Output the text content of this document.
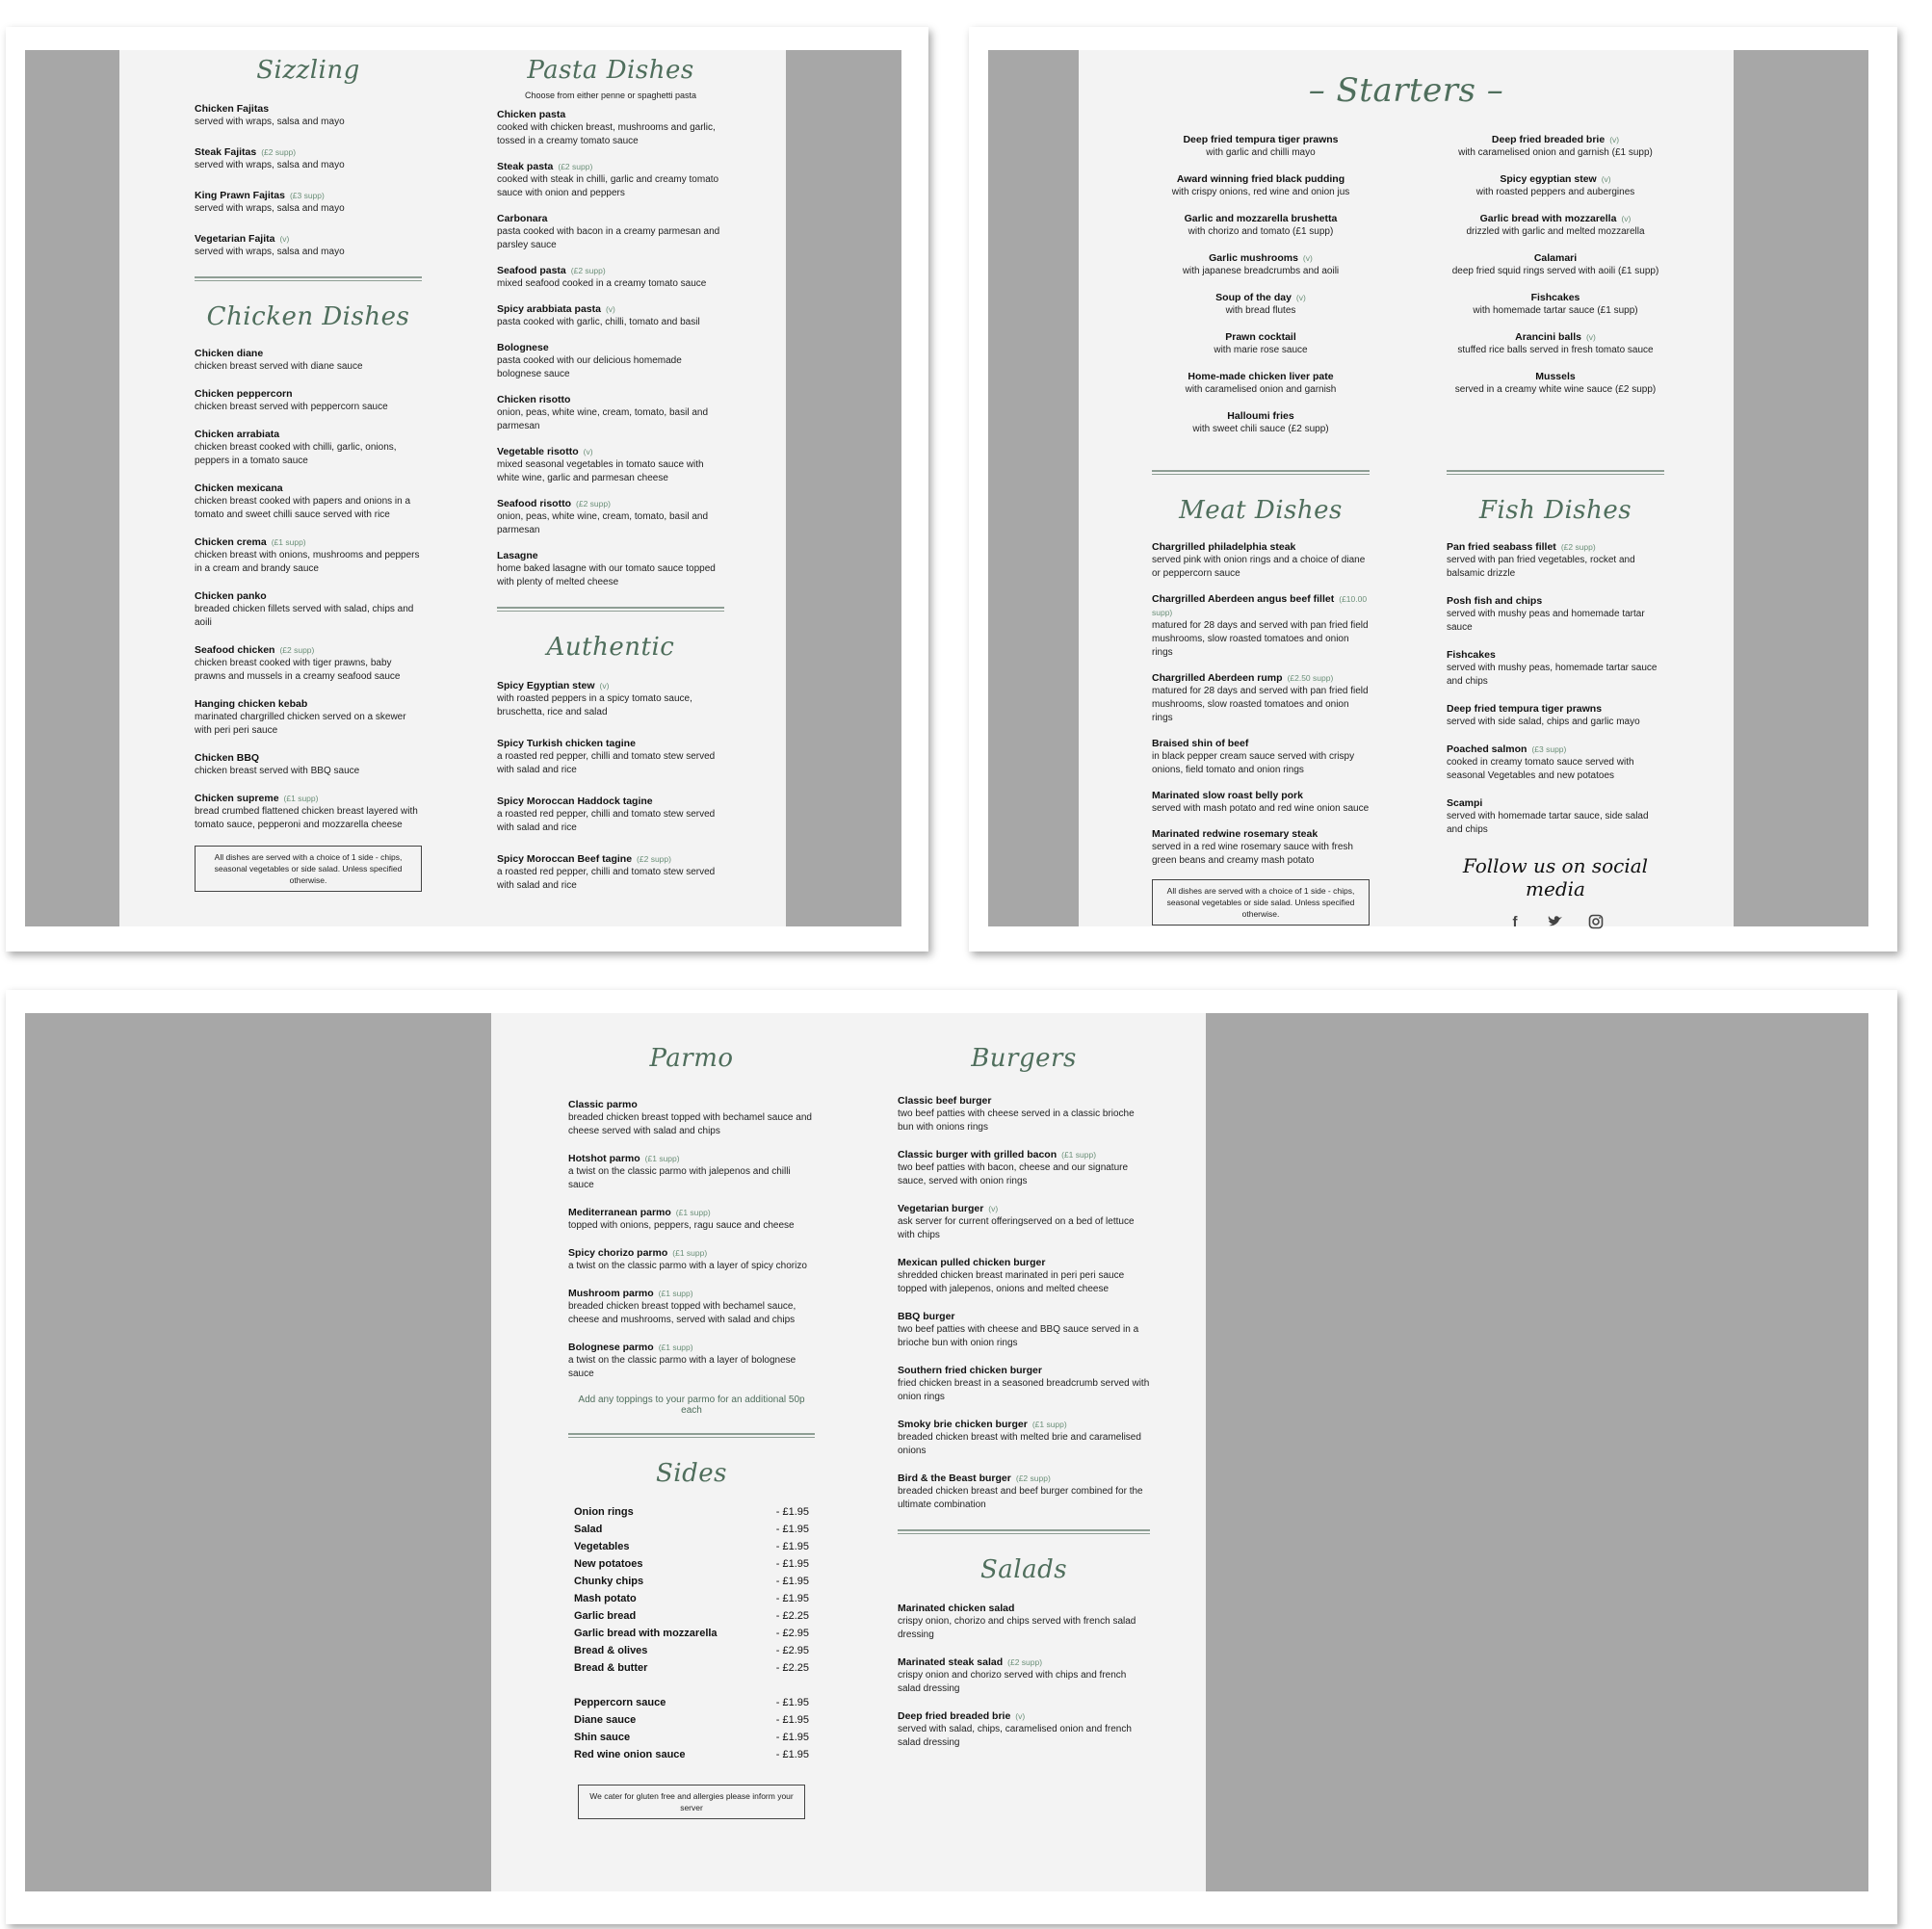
Sizzling
Chicken Fajitas
served with wraps, salsa and mayo
Steak Fajitas (£2 supp)
served with wraps, salsa and mayo
King Prawn Fajitas (£3 supp)
served with wraps, salsa and mayo
Vegetarian Fajita (v)
served with wraps, salsa and mayo
Chicken Dishes
Chicken diane
chicken breast served with diane sauce
Chicken peppercorn
chicken breast served with peppercorn sauce
Chicken arrabiata
chicken breast cooked with chilli, garlic, onions, peppers in a tomato sauce
Chicken mexicana
chicken breast cooked with papers and onions in a tomato and sweet chilli sauce served with rice
Chicken crema (£1 supp)
chicken breast with onions, mushrooms and peppers in a cream and brandy sauce
Chicken panko
breaded chicken fillets served with salad, chips and aoili
Seafood chicken (£2 supp)
chicken breast cooked with tiger prawns, baby prawns and mussels in a creamy seafood sauce
Hanging chicken kebab
marinated chargrilled chicken served on a skewer with peri peri sauce
Chicken BBQ
chicken breast served with BBQ sauce
Chicken supreme (£1 supp)
bread crumbed flattened chicken breast layered with tomato sauce, pepperoni and mozzarella cheese
All dishes are served with a choice of 1 side - chips, seasonal vegetables or side salad. Unless specified otherwise.
Pasta Dishes
Choose from either penne or spaghetti pasta
Chicken pasta
cooked with chicken breast, mushrooms and garlic, tossed in a creamy tomato sauce
Steak pasta (£2 supp)
cooked with steak in chilli, garlic and creamy tomato sauce with onion and peppers
Carbonara
pasta cooked with bacon in a creamy parmesan and parsley sauce
Seafood pasta (£2 supp)
mixed seafood cooked in a creamy tomato sauce
Spicy arabbiata pasta (v)
pasta cooked with garlic, chilli, tomato and basil
Bolognese
pasta cooked with our delicious homemade bolognese sauce
Chicken risotto
onion, peas, white wine, cream, tomato, basil and parmesan
Vegetable risotto (v)
mixed seasonal vegetables in tomato sauce with white wine, garlic and parmesan cheese
Seafood risotto (£2 supp)
onion, peas, white wine, cream, tomato, basil and parmesan
Lasagne
home baked lasagne with our tomato sauce topped with plenty of melted cheese
Authentic
Spicy Egyptian stew (v)
with roasted peppers in a spicy tomato sauce, bruschetta, rice and salad
Spicy Turkish chicken tagine
a roasted red pepper, chilli and tomato stew served with salad and rice
Spicy Moroccan Haddock tagine
a roasted red pepper, chilli and tomato stew served with salad and rice
Spicy Moroccan Beef tagine (£2 supp)
a roasted red pepper, chilli and tomato stew served with salad and rice
– Starters –
Deep fried tempura tiger prawns
with garlic and chilli mayo
Award winning fried black pudding
with crispy onions, red wine and onion jus
Garlic and mozzarella brushetta
with chorizo and tomato (£1 supp)
Garlic mushrooms (v)
with japanese breadcrumbs and aoili
Soup of the day (v)
with bread flutes
Prawn cocktail
with marie rose sauce
Home-made chicken liver pate
with caramelised onion and garnish
Halloumi fries
with sweet chili sauce (£2 supp)
Deep fried breaded brie (v)
with caramelised onion and garnish (£1 supp)
Spicy egyptian stew (v)
with roasted peppers and aubergines
Garlic bread with mozzarella (v)
drizzled with garlic and melted mozzarella
Calamari
deep fried squid rings served with aoili (£1 supp)
Fishcakes
with homemade tartar sauce (£1 supp)
Arancini balls (v)
stuffed rice balls served in fresh tomato sauce
Mussels
served in a creamy white wine sauce (£2 supp)
Meat Dishes
Chargrilled philadelphia steak
served pink with onion rings and a choice of diane or peppercorn sauce
Chargrilled Aberdeen angus beef fillet (£10.00 supp)
matured for 28 days and served with pan fried field mushrooms, slow roasted tomatoes and onion rings
Chargrilled Aberdeen rump (£2.50 supp)
matured for 28 days and served with pan fried field mushrooms, slow roasted tomatoes and onion rings
Braised shin of beef
in black pepper cream sauce served with crispy onions, field tomato and onion rings
Marinated slow roast belly pork
served with mash potato and red wine onion sauce
Marinated redwine rosemary steak
served in a red wine rosemary sauce with fresh green beans and creamy mash potato
All dishes are served with a choice of 1 side - chips, seasonal vegetables or side salad. Unless specified otherwise.
Fish Dishes
Pan fried seabass fillet (£2 supp)
served with pan fried vegetables, rocket and balsamic drizzle
Posh fish and chips
served with mushy peas and homemade tartar sauce
Fishcakes
served with mushy peas, homemade tartar sauce and chips
Deep fried tempura tiger prawns
served with side salad, chips and garlic mayo
Poached salmon (£3 supp)
cooked in creamy tomato sauce served with seasonal Vegetables and new potatoes
Scampi
served with homemade tartar sauce, side salad and chips
Follow us on social media
f
Parmo
Classic parmo
breaded chicken breast topped with bechamel sauce and cheese served with salad and chips
Hotshot parmo (£1 supp)
a twist on the classic parmo with jalepenos and chilli sauce
Mediterranean parmo (£1 supp)
topped with onions, peppers, ragu sauce and cheese
Spicy chorizo parmo (£1 supp)
a twist on the classic parmo with a layer of spicy chorizo
Mushroom parmo (£1 supp)
breaded chicken breast topped with bechamel sauce, cheese and mushrooms, served with salad and chips
Bolognese parmo (£1 supp)
a twist on the classic parmo with a layer of bolognese sauce
Add any toppings to your parmo for an additional 50p each
Sides
Onion rings	- £1.95
Salad	- £1.95
Vegetables	- £1.95
New potatoes	- £1.95
Chunky chips	- £1.95
Mash potato	- £1.95
Garlic bread	- £2.25
Garlic bread with mozzarella	- £2.95
Bread & olives	- £2.95
Bread & butter	- £2.25
Peppercorn sauce	- £1.95
Diane sauce	- £1.95
Shin sauce	- £1.95
Red wine onion sauce	- £1.95
We cater for gluten free and allergies please inform your server
Burgers
Classic beef burger
two beef patties with cheese served in a classic brioche bun with onions rings
Classic burger with grilled bacon (£1 supp)
two beef patties with bacon, cheese and our signature sauce, served with onion rings
Vegetarian burger (v)
ask server for current offeringserved on a bed of lettuce with chips
Mexican pulled chicken burger
shredded chicken breast marinated in peri peri sauce topped with jalepenos, onions and melted cheese
BBQ burger
two beef patties with cheese and BBQ sauce served in a brioche bun with onion rings
Southern fried chicken burger
fried chicken breast in a seasoned breadcrumb served with onion rings
Smoky brie chicken burger (£1 supp)
breaded chicken breast with melted brie and caramelised onions
Bird & the Beast burger (£2 supp)
breaded chicken breast and beef burger combined for the ultimate combination
Salads
Marinated chicken salad
crispy onion, chorizo and chips served with french salad dressing
Marinated steak salad (£2 supp)
crispy onion and chorizo served with chips and french salad dressing
Deep fried breaded brie (v)
served with salad, chips, caramelised onion and french salad dressing
